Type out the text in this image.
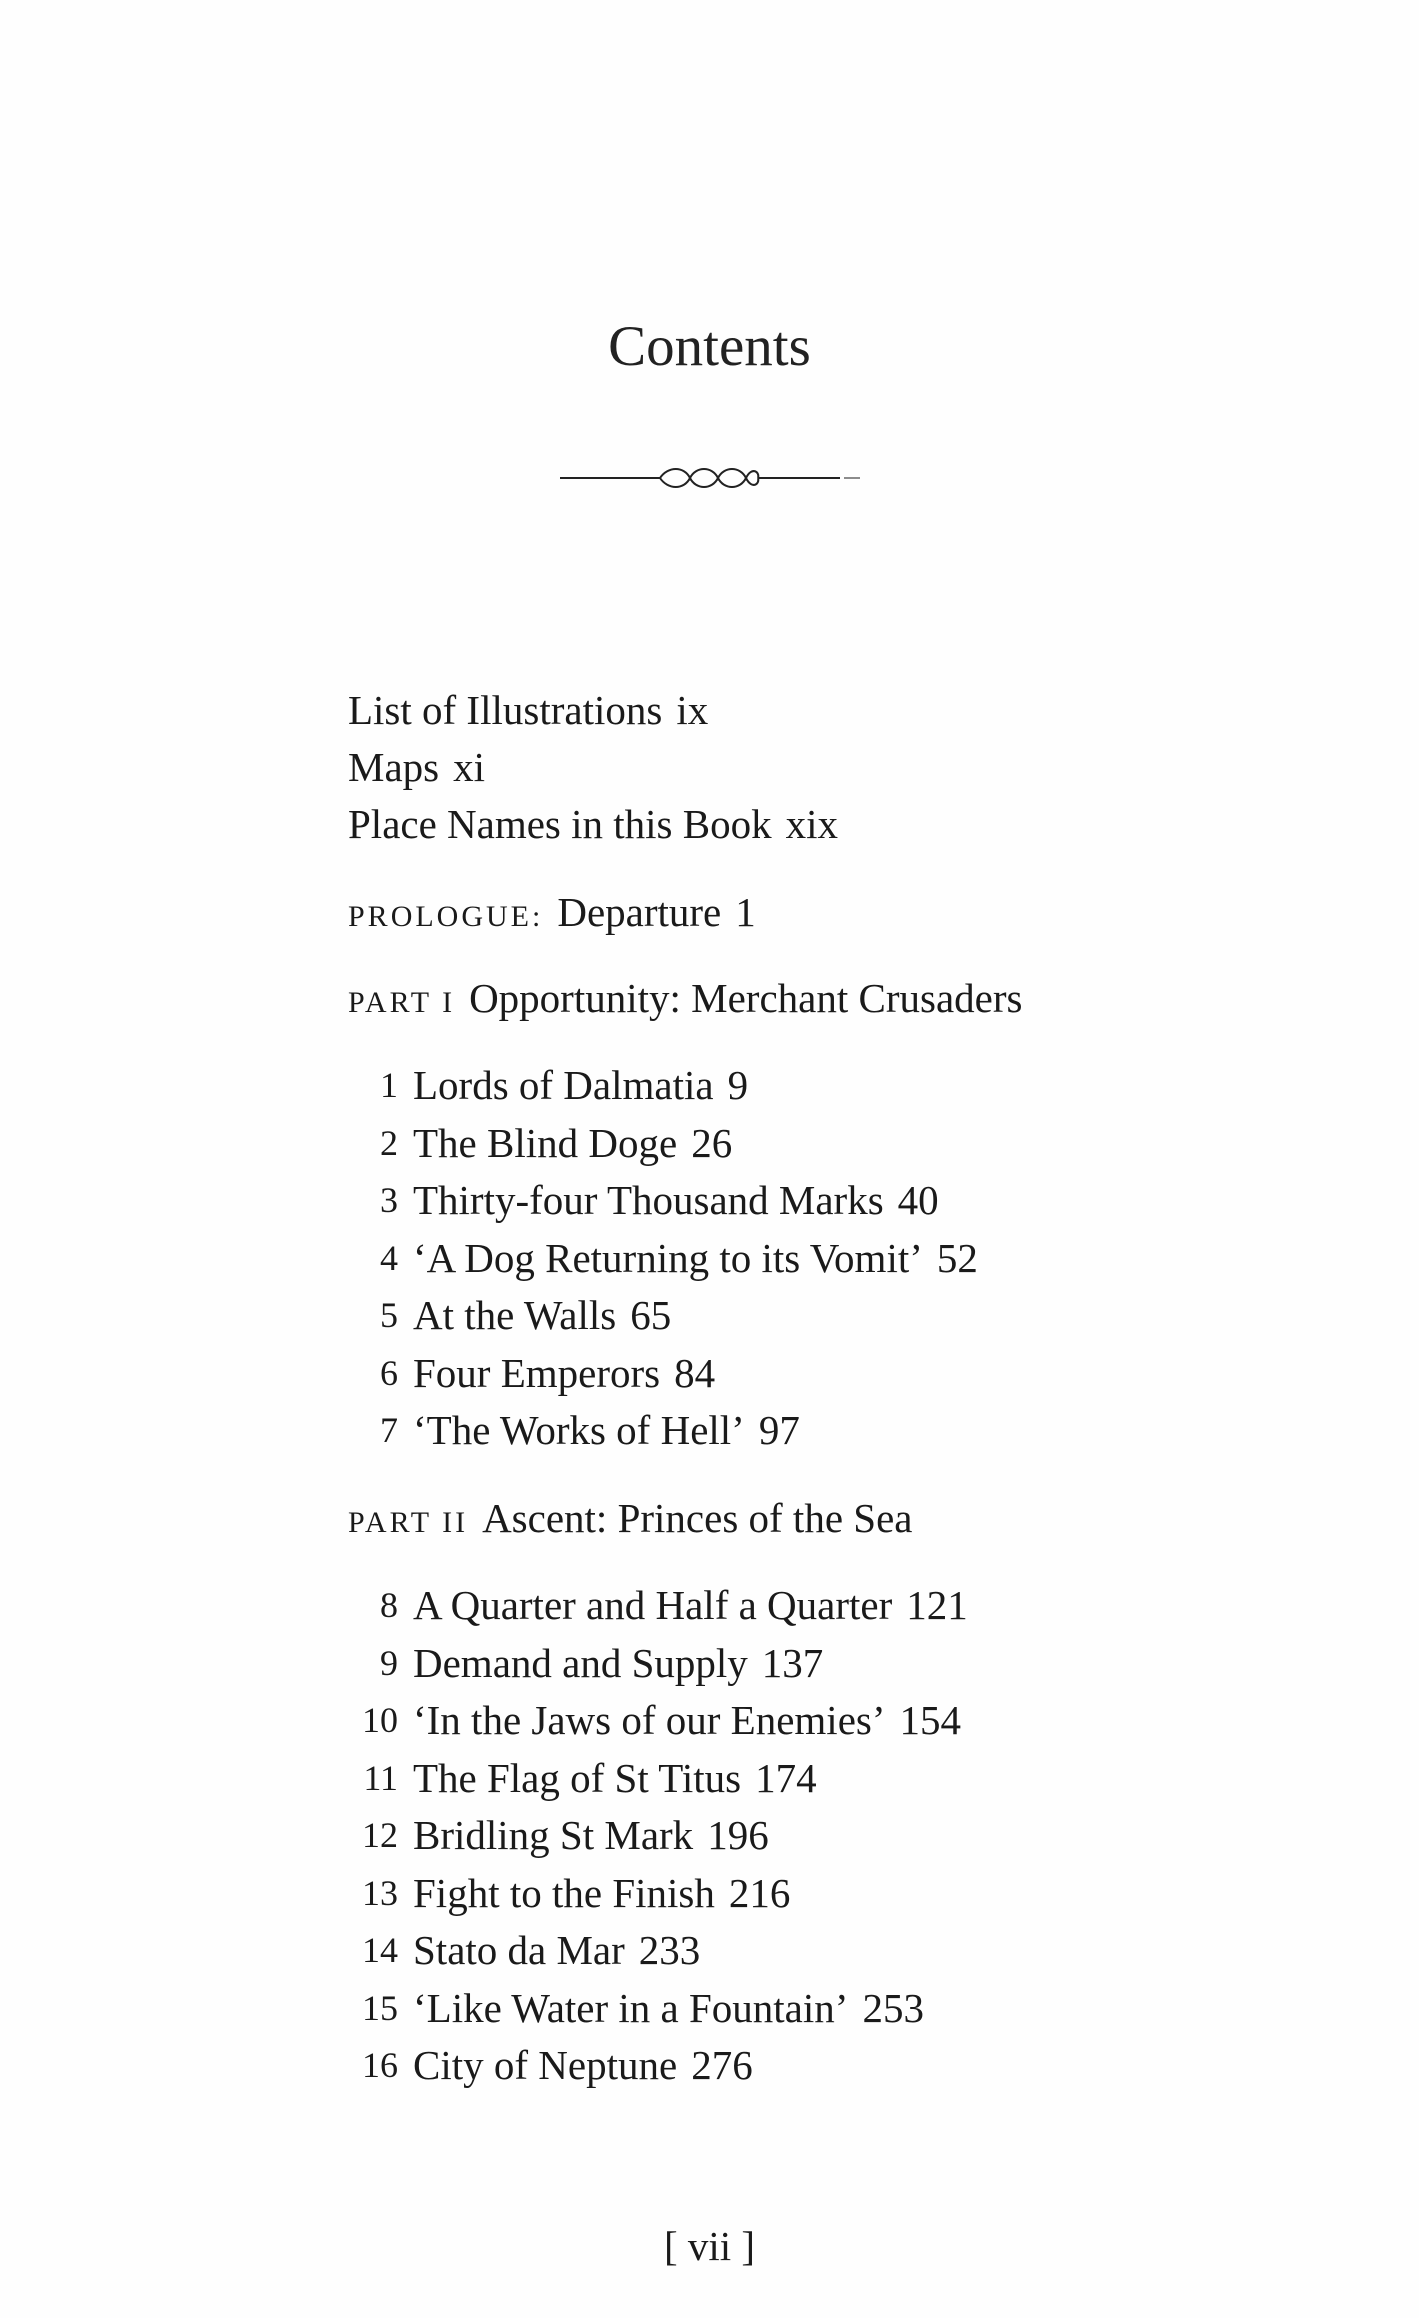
Contents
List of Illustrations ix
Maps xi
Place Names in this Book xix
PROLOGUE: Departure 1
PART I Opportunity: Merchant Crusaders
1 Lords of Dalmatia 9
2 The Blind Doge 26
3 Thirty-four Thousand Marks 40
4 ‘A Dog Returning to its Vomit’ 52
5 At the Walls 65
6 Four Emperors 84
7 ‘The Works of Hell’ 97
PART II Ascent: Princes of the Sea
8 A Quarter and Half a Quarter 121
9 Demand and Supply 137
10 ‘In the Jaws of our Enemies’ 154
11 The Flag of St Titus 174
12 Bridling St Mark 196
13 Fight to the Finish 216
14 Stato da Mar 233
15 ‘Like Water in a Fountain’ 253
16 City of Neptune 276
[ vii ]
